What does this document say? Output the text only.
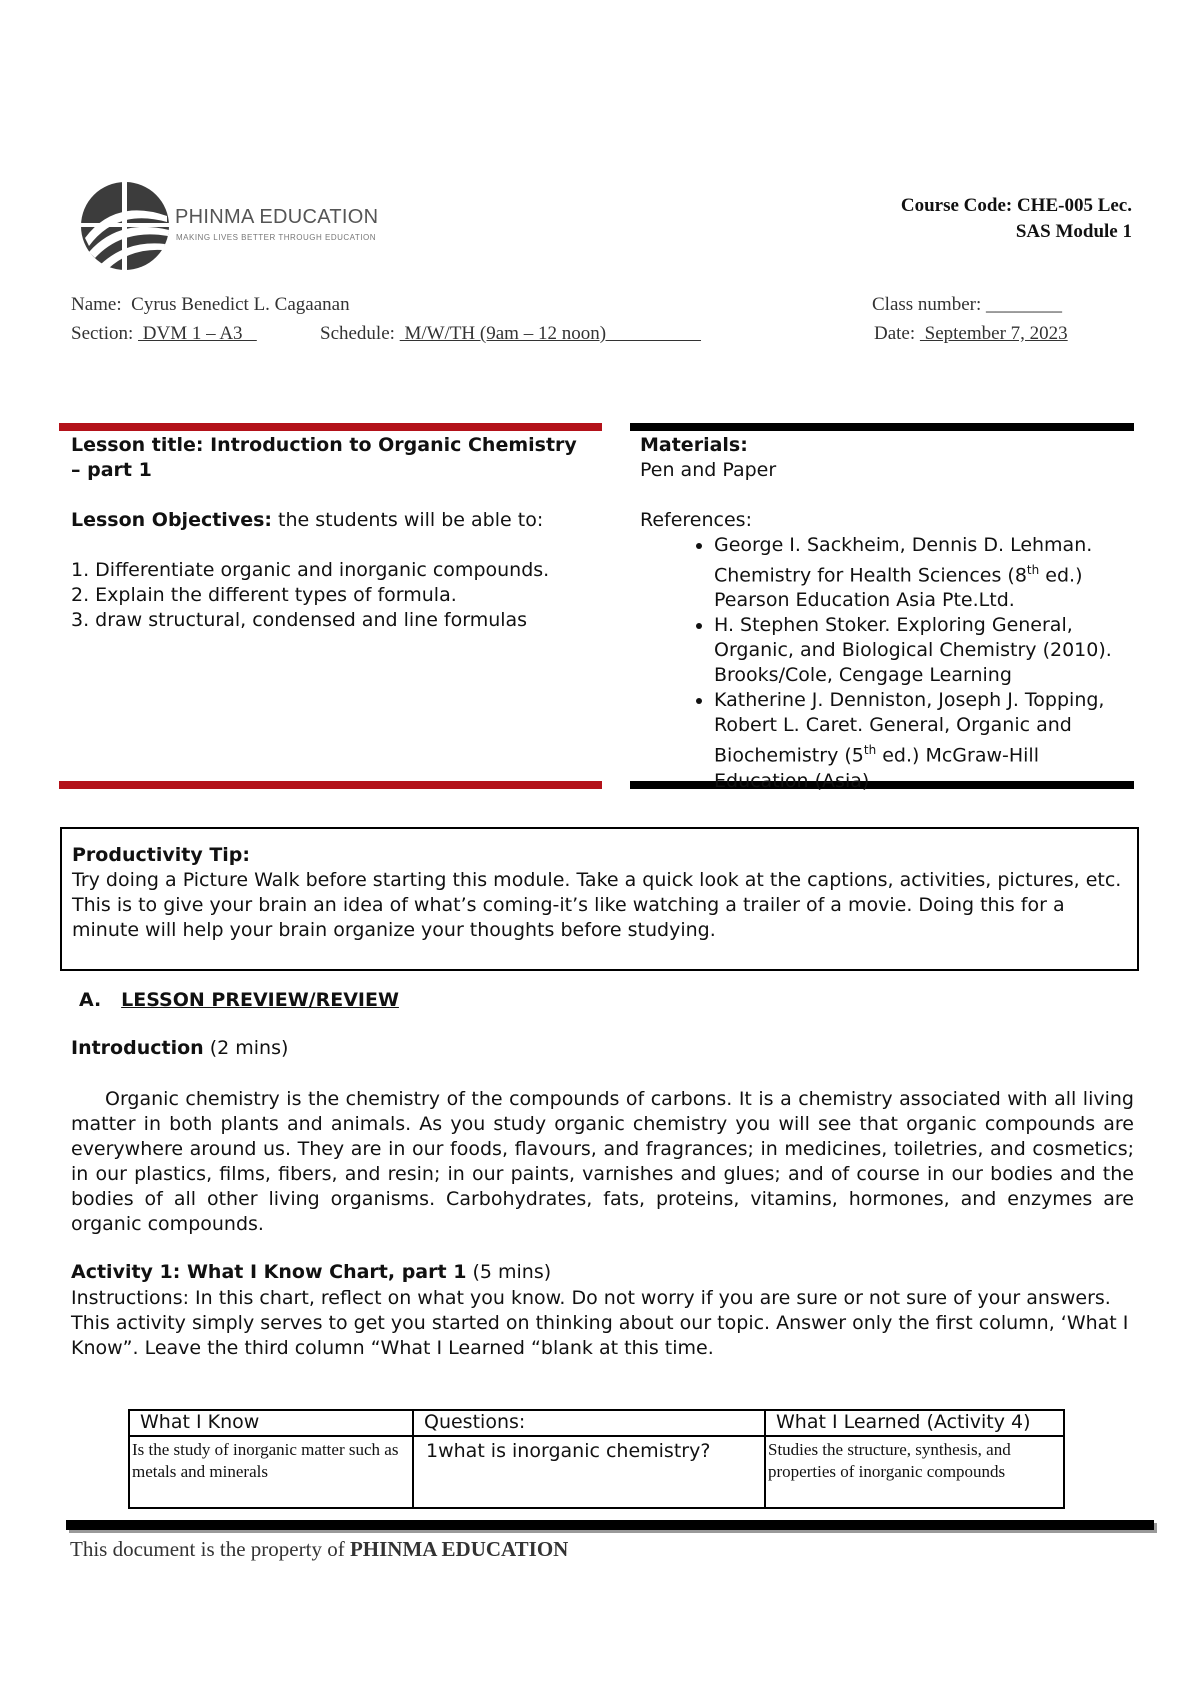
PHINMA EDUCATION
MAKING LIVES BETTER THROUGH EDUCATION
Course Code: CHE-005 Lec.
SAS Module 1
Name: Cyrus Benedict L. Cagaanan	Class number: ________
Section:  DVM 1 – A3	Schedule:  M/W/TH (9am – 12 noon)	Date:  September 7, 2023
Lesson title: Introduction to Organic Chemistry – part 1
Lesson Objectives: the students will be able to:
1. Differentiate organic and inorganic compounds.
2. Explain the different types of formula.
3. draw structural, condensed and line formulas
Materials:
Pen and Paper
References:
• George I. Sackheim, Dennis D. Lehman. Chemistry for Health Sciences (8th ed.) Pearson Education Asia Pte.Ltd.
• H. Stephen Stoker. Exploring General, Organic, and Biological Chemistry (2010). Brooks/Cole, Cengage Learning
• Katherine J. Denniston, Joseph J. Topping, Robert L. Caret. General, Organic and Biochemistry (5th ed.) McGraw-Hill Education (Asia)
Productivity Tip:
Try doing a Picture Walk before starting this module. Take a quick look at the captions, activities, pictures, etc. This is to give your brain an idea of what’s coming-it’s like watching a trailer of a movie. Doing this for a minute will help your brain organize your thoughts before studying.
A. LESSON PREVIEW/REVIEW
Introduction (2 mins)
Organic chemistry is the chemistry of the compounds of carbons. It is a chemistry associated with all living matter in both plants and animals. As you study organic chemistry you will see that organic compounds are everywhere around us. They are in our foods, flavours, and fragrances; in medicines, toiletries, and cosmetics; in our plastics, films, fibers, and resin; in our paints, varnishes and glues; and of course in our bodies and the bodies of all other living organisms. Carbohydrates, fats, proteins, vitamins, hormones, and enzymes are organic compounds.
Activity 1: What I Know Chart, part 1 (5 mins)
Instructions: In this chart, reflect on what you know. Do not worry if you are sure or not sure of your answers. This activity simply serves to get you started on thinking about our topic. Answer only the first column, ‘What I Know”. Leave the third column “What I Learned “blank at this time.
What I Know	Questions:	What I Learned (Activity 4)
Is the study of inorganic matter such as metals and minerals	1what is inorganic chemistry?	Studies the structure, synthesis, and properties of inorganic compounds
This document is the property of PHINMA EDUCATION
